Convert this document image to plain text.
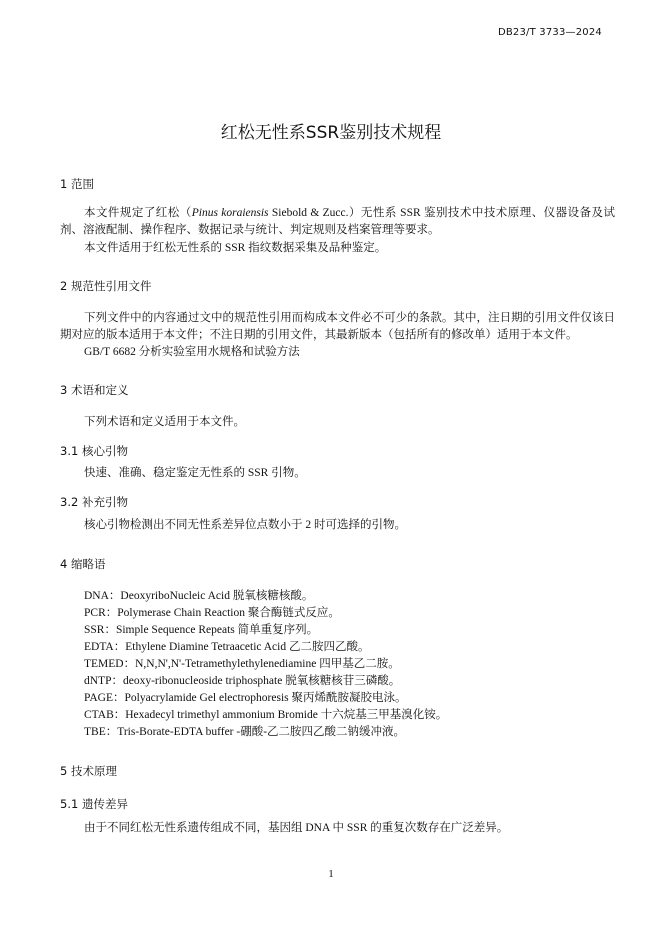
DB23/T 3733—2024
红松无性系SSR鉴别技术规程
1 范围
本文件规定了红松（Pinus koraiensis Siebold & Zucc.）无性系 SSR 鉴别技术中技术原理、仪器设备及试剂、溶液配制、操作程序、数据记录与统计、判定规则及档案管理等要求。
本文件适用于红松无性系的 SSR 指纹数据采集及品种鉴定。
2 规范性引用文件
下列文件中的内容通过文中的规范性引用而构成本文件必不可少的条款。其中，注日期的引用文件仅该日期对应的版本适用于本文件；不注日期的引用文件，其最新版本（包括所有的修改单）适用于本文件。
GB/T 6682 分析实验室用水规格和试验方法
3 术语和定义
下列术语和定义适用于本文件。
3.1 核心引物
快速、准确、稳定鉴定无性系的 SSR 引物。
3.2 补充引物
核心引物检测出不同无性系差异位点数小于 2 时可选择的引物。
4 缩略语
DNA：DeoxyriboNucleic Acid 脱氧核糖核酸。
PCR：Polymerase Chain Reaction 聚合酶链式反应。
SSR：Simple Sequence Repeats 简单重复序列。
EDTA：Ethylene Diamine Tetraacetic Acid 乙二胺四乙酸。
TEMED：N,N,N',N'-Tetramethylethylenediamine 四甲基乙二胺。
dNTP：deoxy-ribonucleoside triphosphate 脱氧核糖核苷三磷酸。
PAGE：Polyacrylamide Gel electrophoresis 聚丙烯酰胺凝胶电泳。
CTAB：Hexadecyl trimethyl ammonium Bromide 十六烷基三甲基溴化铵。
TBE：Tris-Borate-EDTA buffer -硼酸-乙二胺四乙酸二钠缓冲液。
5 技术原理
5.1 遗传差异
由于不同红松无性系遗传组成不同，基因组 DNA 中 SSR 的重复次数存在广泛差异。
1
